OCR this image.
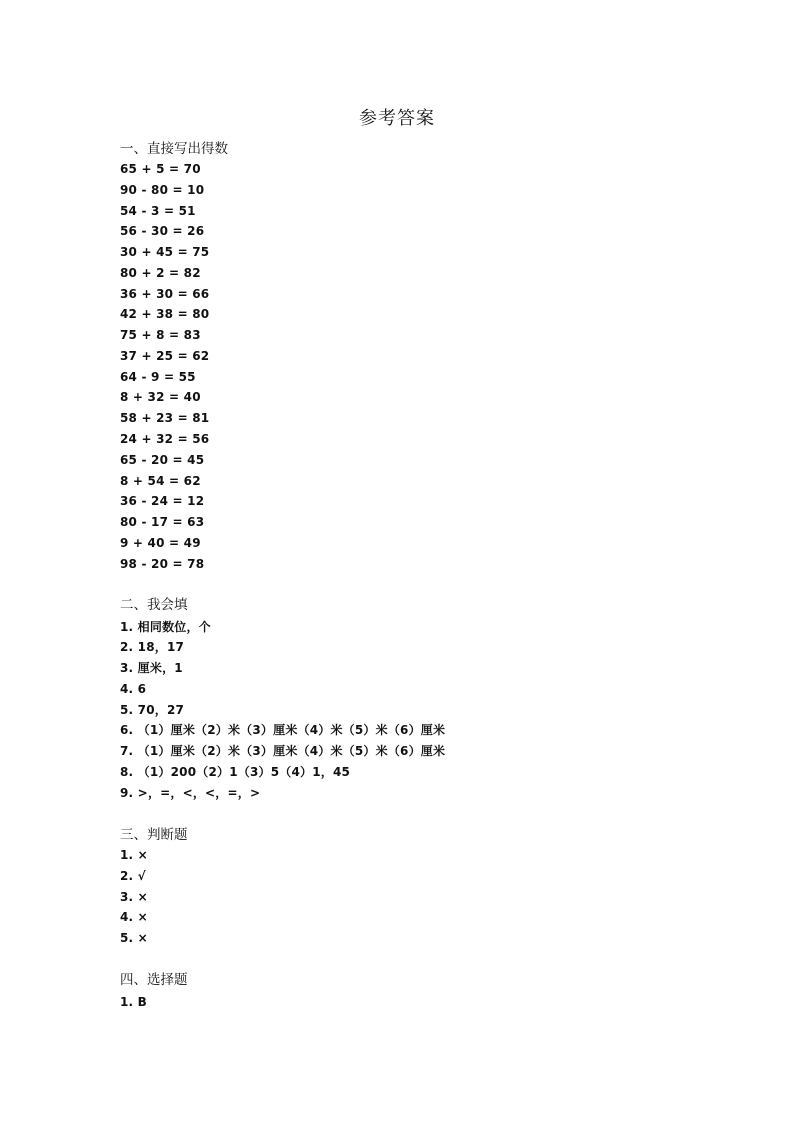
参考答案
一、直接写出得数
65 + 5 = 70
90 - 80 = 10
54 - 3 = 51
56 - 30 = 26
30 + 45 = 75
80 + 2 = 82
36 + 30 = 66
42 + 38 = 80
75 + 8 = 83
37 + 25 = 62
64 - 9 = 55
8 + 32 = 40
58 + 23 = 81
24 + 32 = 56
65 - 20 = 45
8 + 54 = 62
36 - 24 = 12
80 - 17 = 63
9 + 40 = 49
98 - 20 = 78
二、我会填
1. 相同数位，个
2. 18，17
3. 厘米，1
4. 6
5. 70，27
6. （1）厘米（2）米（3）厘米（4）米（5）米（6）厘米
7. （1）厘米（2）米（3）厘米（4）米（5）米（6）厘米
8. （1）200（2）1（3）5（4）1，45
9. >，=，<，<，=，>
三、判断题
1. ×
2. √
3. ×
4. ×
5. ×
四、选择题
1. B
